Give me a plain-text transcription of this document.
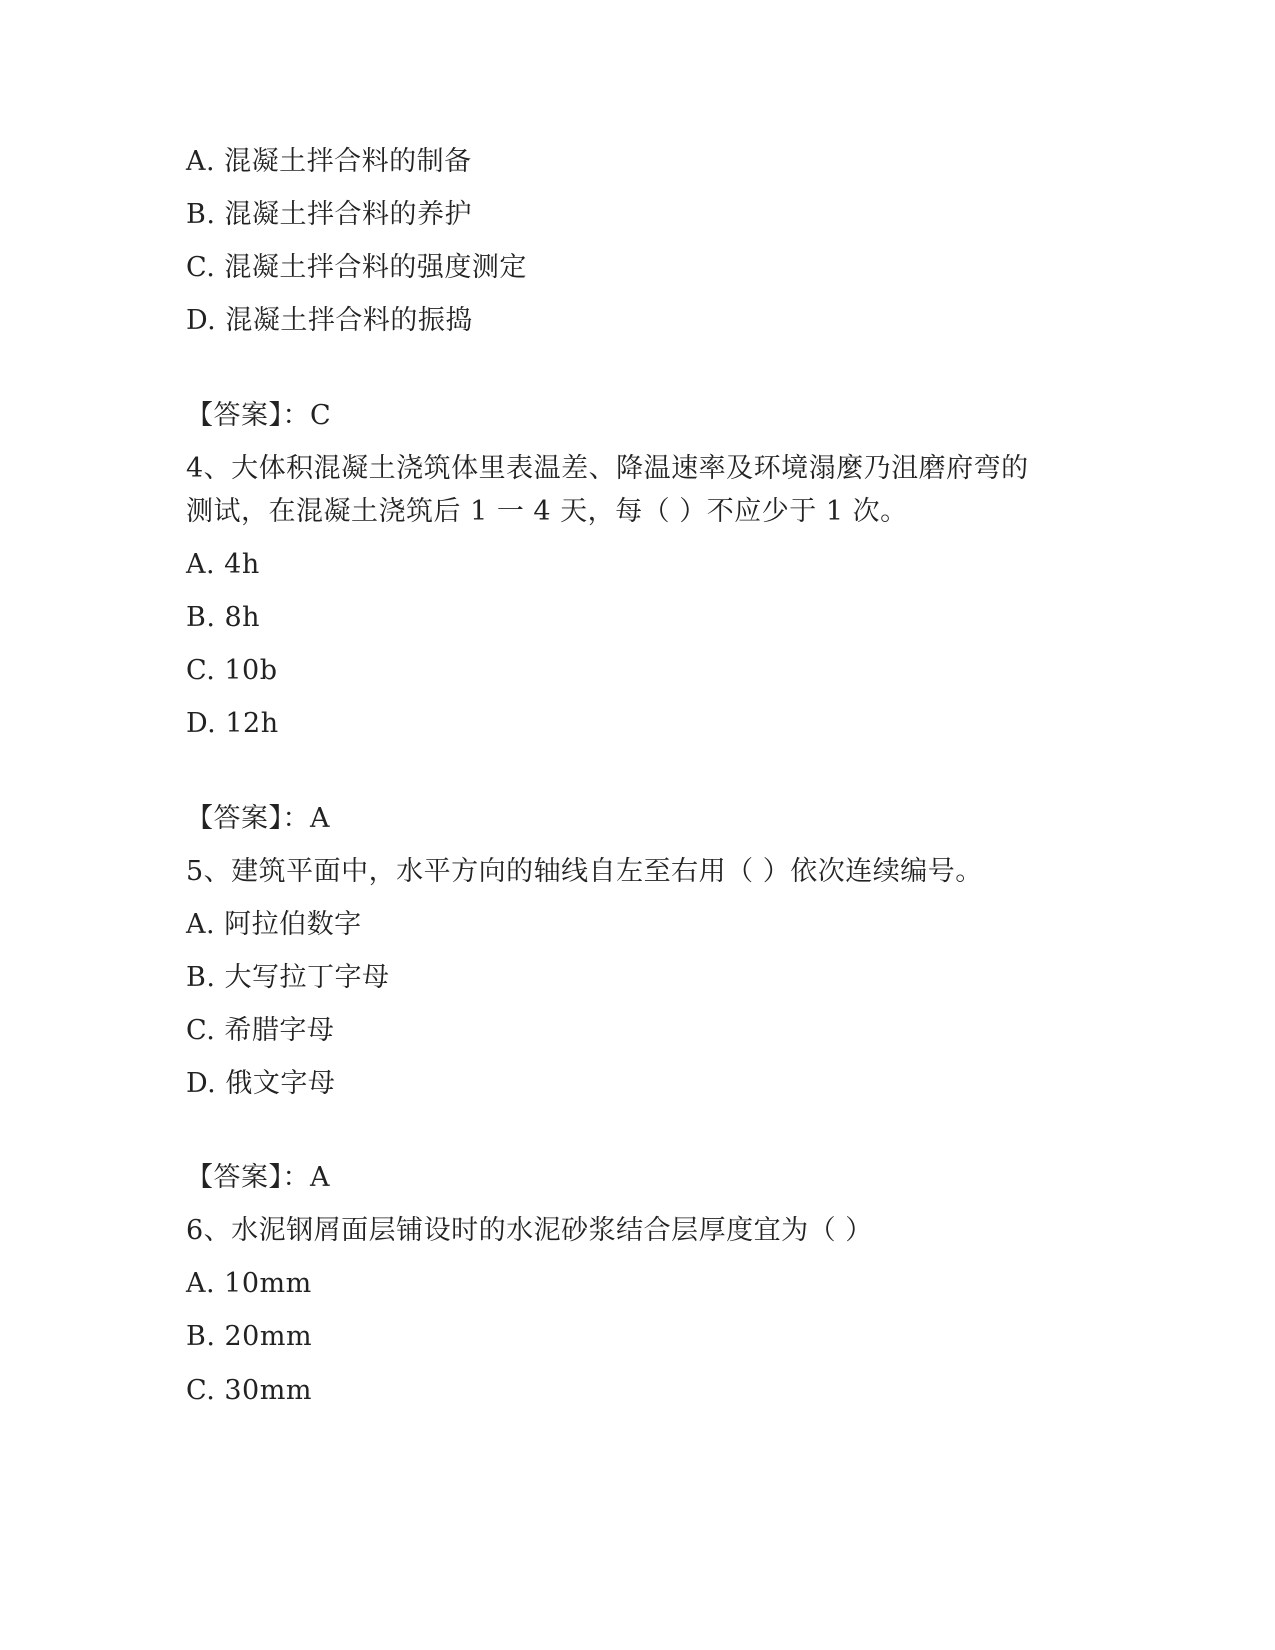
A. 混凝土拌合料的制备
B. 混凝土拌合料的养护
C. 混凝土拌合料的强度测定
D. 混凝土拌合料的振捣
【答案】：C
4、大体积混凝土浇筑体里表温差、降温速率及环境溻麼乃沮磨府弯的
测试，在混凝土浇筑后 1 一 4 天，每（ ）不应少于 1 次。
A. 4h
B. 8h
C. 10b
D. 12h
【答案】：A
5、建筑平面中，水平方向的轴线自左至右用（ ）依次连续编号。
A. 阿拉伯数字
B. 大写拉丁字母
C. 希腊字母
D. 俄文字母
【答案】：A
6、水泥钢屑面层铺设时的水泥砂浆结合层厚度宜为（ ）
A. 10mm
B. 20mm
C. 30mm
